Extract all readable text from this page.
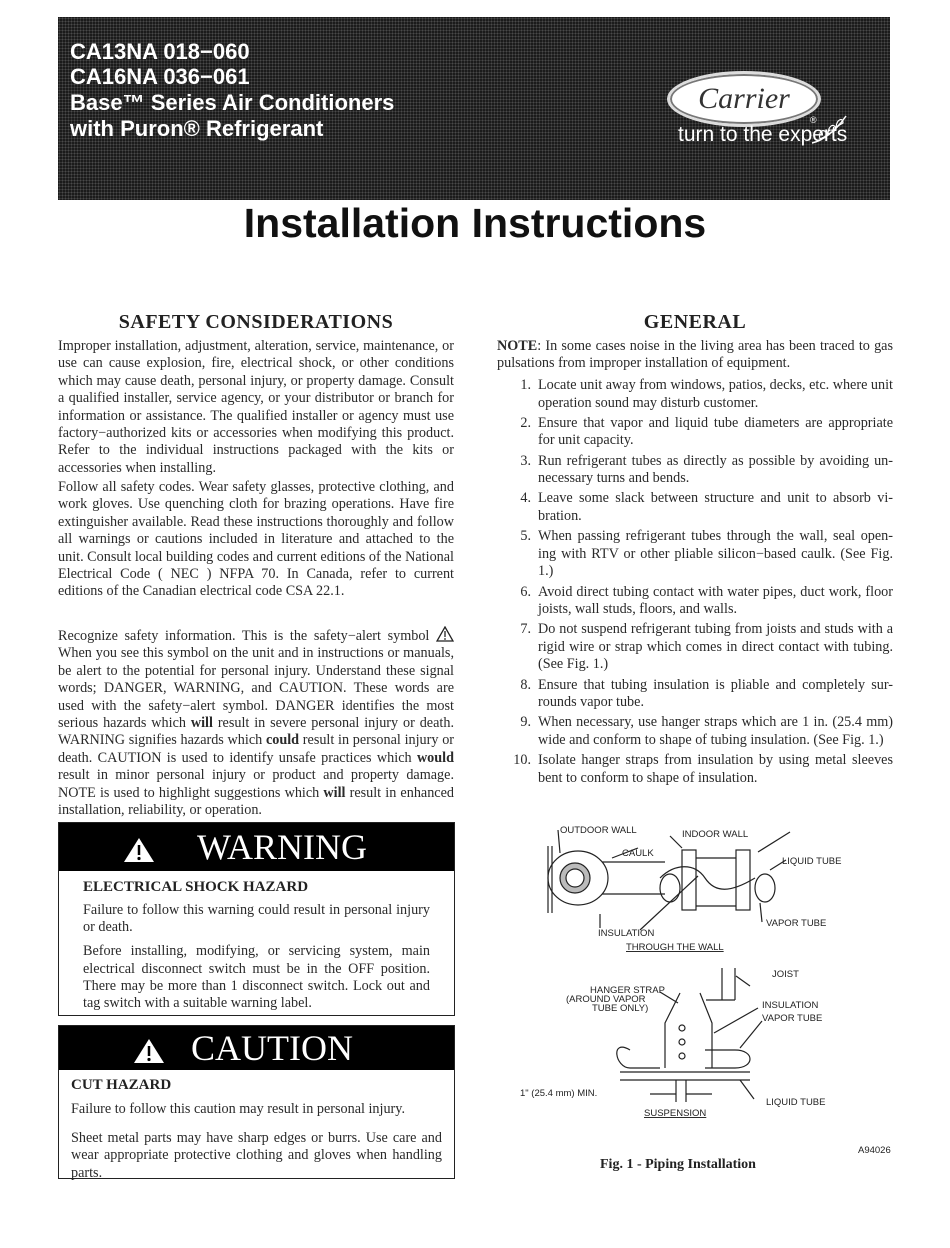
CA13NA 018−060
CA16NA 036−061
Base™ Series Air Conditioners
with Puron® Refrigerant
Carrier
®
turn to the experts
Installation Instructions
SAFETY CONSIDERATIONS

Improper installation, adjustment, alteration, service, maintenance, or use can cause explosion, fire, electrical shock, or other conditions which may cause death, personal injury, or property damage. Consult a qualified installer, service agency, or your distributor or branch for information or assistance. The qualified installer or agency must use factory−authorized kits or accessories when modifying this product. Refer to the individual instructions packaged with the kits or accessories when installing.

Follow all safety codes. Wear safety glasses, protective clothing, and work gloves. Use quenching cloth for brazing operations. Have fire extinguisher available. Read these instructions thoroughly and follow all warnings or cautions included in literature and attached to the unit. Consult local building codes and current editions of the National Electrical Code ( NEC ) NFPA 70. In Canada, refer to current editions of the Canadian electrical code CSA 22.1.

Recognize safety information. This is the safety−alert symbol  When you see this symbol on the unit and in instructions or manuals, be alert to the potential for personal injury. Understand these signal words; DANGER, WARNING, and CAUTION. These words are used with the safety−alert symbol. DANGER identifies the most serious hazards which will result in severe personal injury or death. WARNING signifies hazards which could result in personal injury or death. CAUTION is used to identify unsafe practices which would result in minor personal injury or product and property damage. NOTE is used to highlight suggestions which will result in enhanced installation, reliability, or operation.

WARNING
ELECTRICAL SHOCK HAZARD

Failure to follow this warning could result in personal injury or death.

Before installing, modifying, or servicing system, main electrical disconnect switch must be in the OFF position. There may be more than 1 disconnect switch. Lock out and tag switch with a suitable warning label.

CAUTION
CUT HAZARD

Failure to follow this caution may result in personal injury.

Sheet metal parts may have sharp edges or burrs. Use care and wear appropriate protective clothing and gloves when handling parts.

GENERAL

NOTE: In some cases noise in the living area has been traced to gas pulsations from improper installation of equipment.

1. Locate unit away from windows, patios, decks, etc. where unit operation sound may disturb customer.
2. Ensure that vapor and liquid tube diameters are appropriate for unit capacity.
3. Run refrigerant tubes as directly as possible by avoiding un-necessary turns and bends.
4. Leave some slack between structure and unit to absorb vi-bration.
5. When passing refrigerant tubes through the wall, seal open-ing with RTV or other pliable silicon−based caulk. (See Fig. 1.)
6. Avoid direct tubing contact with water pipes, duct work, floor joists, wall studs, floors, and walls.
7. Do not suspend refrigerant tubing from joists and studs with a rigid wire or strap which comes in direct contact with tubing.(See Fig. 1.)
8. Ensure that tubing insulation is pliable and completely sur-rounds vapor tube.
9. When necessary, use hanger straps which are 1 in. (25.4 mm) wide and conform to shape of tubing insulation. (See Fig. 1.)
10. Isolate hanger straps from insulation by using metal sleeves bent to conform to shape of insulation.
OUTDOOR WALL	INDOOR WALL
CAULK
LIQUID TUBE
VAPOR TUBE
INSULATION
THROUGH THE WALL
JOIST
HANGER STRAP
(AROUND VAPOR
TUBE ONLY)	INSULATION
VAPOR TUBE
1" (25.4 mm) MIN.
LIQUID TUBE
SUSPENSION
A94026
Fig. 1 - Piping Installation
